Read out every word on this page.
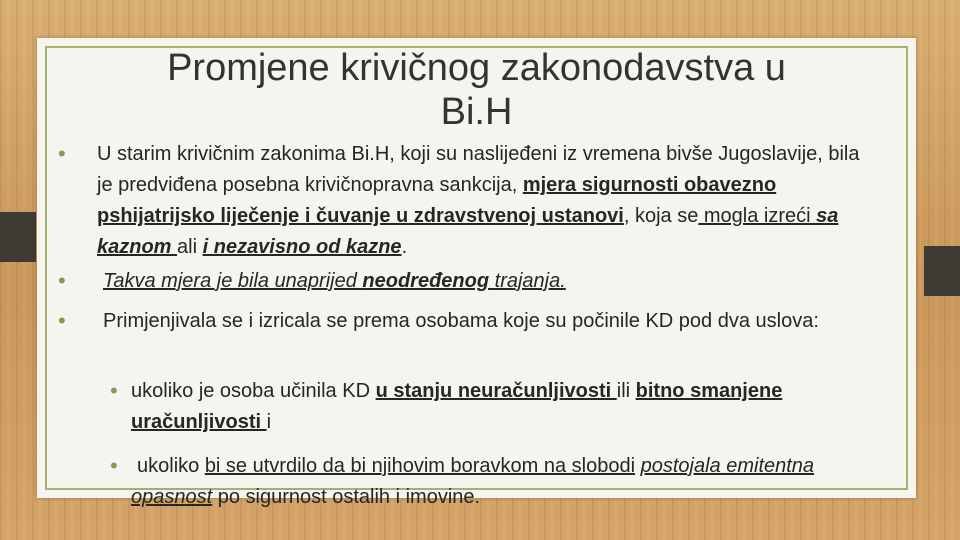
Promjene krivičnog zakonodavstva u Bi.H
•	U starim krivičnim zakonima Bi.H, koji su naslijeđeni iz vremena bivše Jugoslavije, bila je predviđena posebna krivičnopravna sankcija, mjera sigurnosti obavezno pshijatrijsko liječenje i čuvanje u zdravstvenoj ustanovi, koja se mogla izreći sa kaznom ali i nezavisno od kazne.
•	Takva mjera je bila unaprijed neodređenog trajanja.
•	Primjenjivala se i izricala se prema osobama koje su počinile KD pod dva uslova:
• ukoliko je osoba učinila KD u stanju neuračunljivosti ili bitno smanjene uračunljivosti i
• ukoliko bi se utvrdilo da bi njihovim boravkom na slobodi postojala emitentna opasnost po sigurnost ostalih i imovine.
